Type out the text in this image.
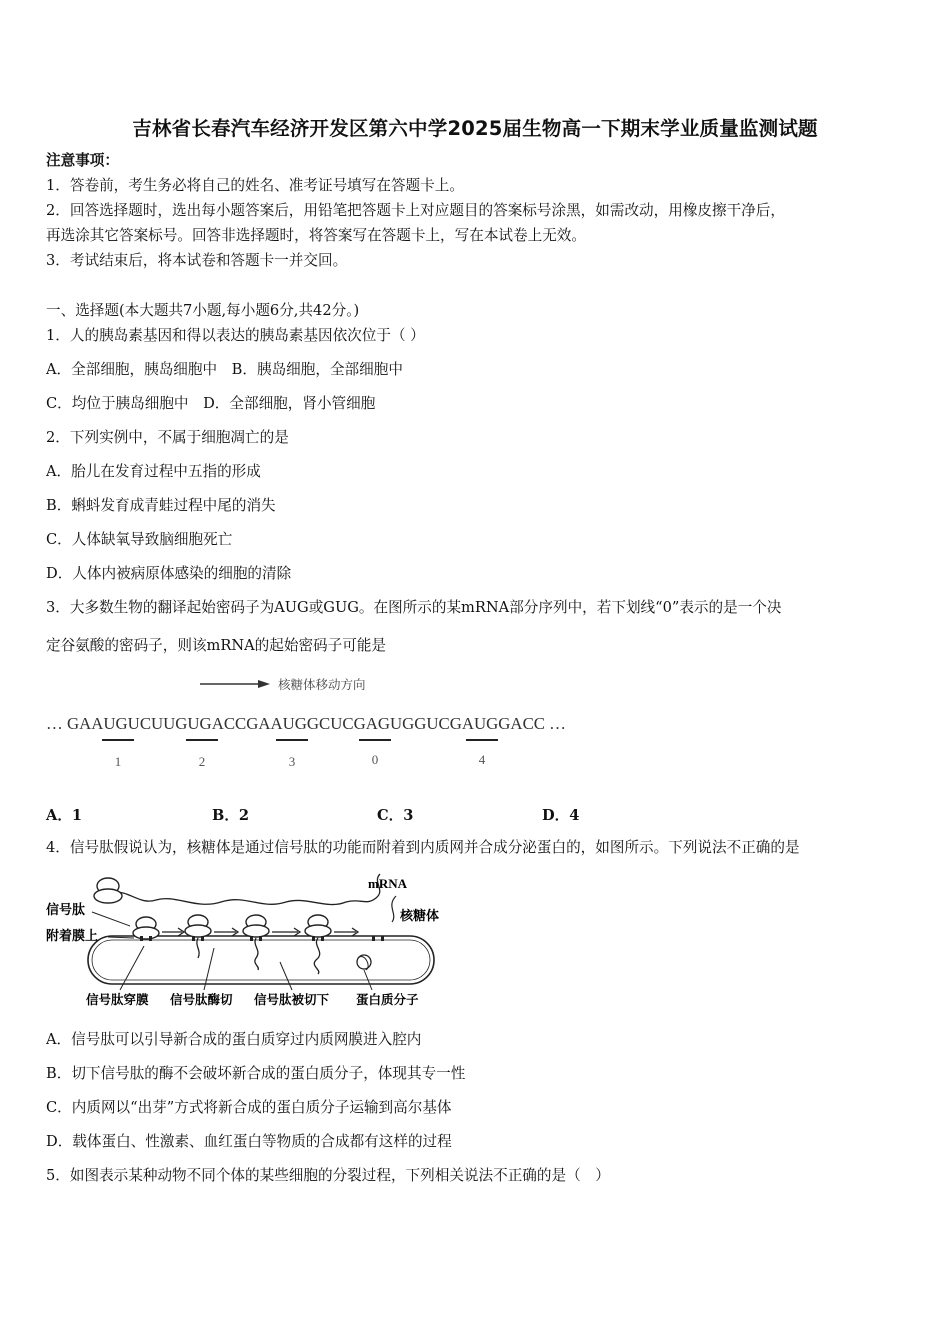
吉林省长春汽车经济开发区第六中学2025届生物高一下期末学业质量监测试题
注意事项：
1．答卷前，考生务必将自己的姓名、准考证号填写在答题卡上。
2．回答选择题时，选出每小题答案后，用铅笔把答题卡上对应题目的答案标号涂黑，如需改动，用橡皮擦干净后，
再选涂其它答案标号。回答非选择题时，将答案写在答题卡上，写在本试卷上无效。
3．考试结束后，将本试卷和答题卡一并交回。
一、选择题(本大题共7小题,每小题6分,共42分。)
1．人的胰岛素基因和得以表达的胰岛素基因依次位于（ ）
A．全部细胞，胰岛细胞中　B．胰岛细胞，全部细胞中
C．均位于胰岛细胞中　D．全部细胞，肾小管细胞
2．下列实例中，不属于细胞凋亡的是
A．胎儿在发育过程中五指的形成
B．蝌蚪发育成青蛙过程中尾的消失
C．人体缺氧导致脑细胞死亡
D．人体内被病原体感染的细胞的清除
3．大多数生物的翻译起始密码子为AUG或GUG。在图所示的某mRNA部分序列中，若下划线“0”表示的是一个决
定谷氨酸的密码子，则该mRNA的起始密码子可能是
核糖体移动方向
… GAAUGUCUUGUGACCGAAUGGCUCGAGUGGUCGAUGGACC …
1	2	3	0	4
A．1	B．2	C．3	D．4
4．信号肽假说认为，核糖体是通过信号肽的功能而附着到内质网并合成分泌蛋白的，如图所示。下列说法不正确的是
信号肽
附着膜上
mRNA
核糖体
信号肽穿膜 信号肽酶切 信号肽被切下 蛋白质分子
A．信号肽可以引导新合成的蛋白质穿过内质网膜进入腔内
B．切下信号肽的酶不会破坏新合成的蛋白质分子，体现其专一性
C．内质网以“出芽”方式将新合成的蛋白质分子运输到高尔基体
D．载体蛋白、性激素、血红蛋白等物质的合成都有这样的过程
5．如图表示某种动物不同个体的某些细胞的分裂过程，下列相关说法不正确的是（　）
